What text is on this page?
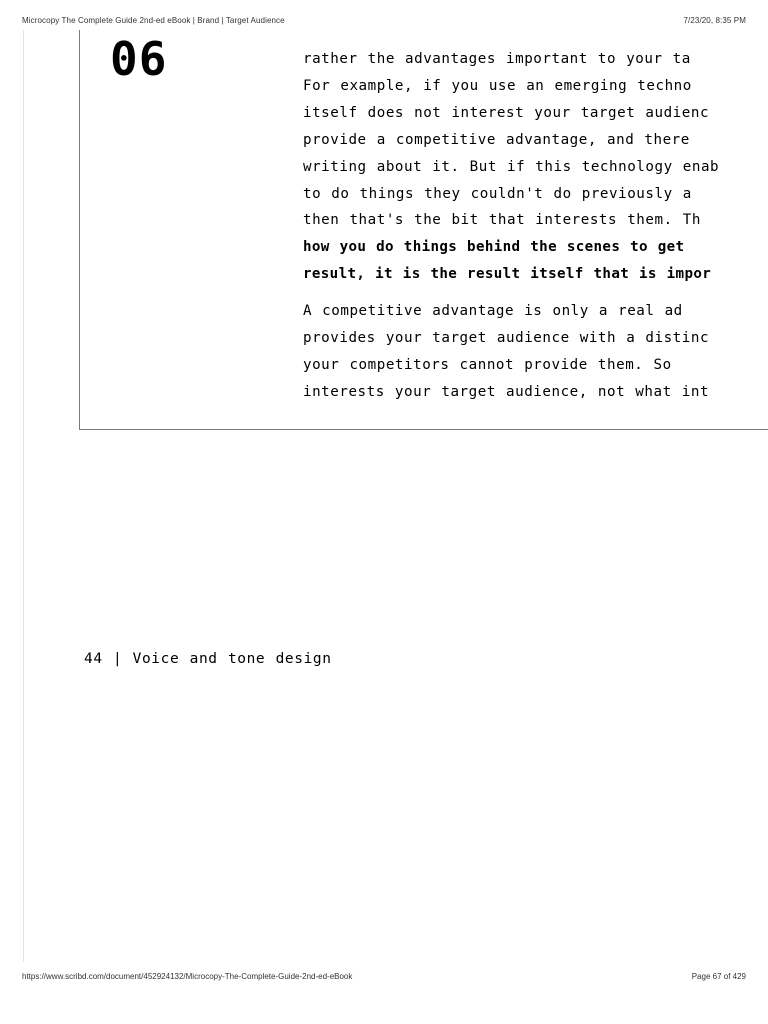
Microcopy The Complete Guide 2nd-ed eBook | Brand | Target Audience	7/23/20, 8:35 PM
06	rather the advantages important to your ta
For example, if you use an emerging techno
itself does not interest your target audienc
provide a competitive advantage, and there
writing about it. But if this technology enab
to do things they couldn't do previously a
then that's the bit that interests them. Th
how you do things behind the scenes to get
result, it is the result itself that is impor
A competitive advantage is only a real ad
provides your target audience with a distinc
your competitors cannot provide them. So
interests your target audience, not what int
44 | Voice and tone design
https://www.scribd.com/document/452924132/Microcopy-The-Complete-Guide-2nd-ed-eBook	Page 67 of 429
